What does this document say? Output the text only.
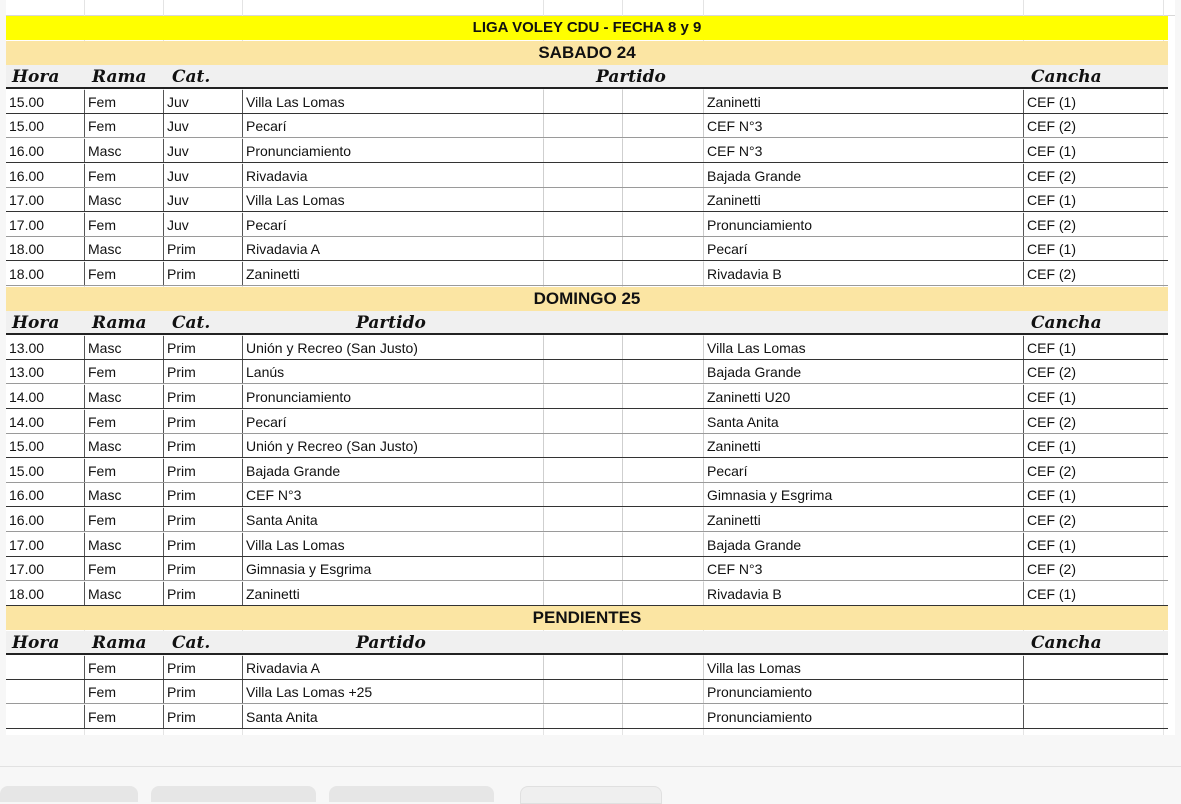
LIGA VOLEY CDU - FECHA 8 y 9
SABADO 24
Hora Rama Cat.	Cancha
Partido
15.00	Fem	Juv	Villa Las Lomas	Zaninetti	CEF (1)
15.00	Fem	Juv	Pecarí	CEF N°3	CEF (2)
16.00	Masc	Juv	Pronunciamiento	CEF N°3	CEF (1)
16.00	Fem	Juv	Rivadavia	Bajada Grande	CEF (2)
17.00	Masc	Juv	Villa Las Lomas	Zaninetti	CEF (1)
17.00	Fem	Juv	Pecarí	Pronunciamiento	CEF (2)
18.00	Masc	Prim	Rivadavia A	Pecarí	CEF (1)
18.00	Fem	Prim	Zaninetti	Rivadavia B	CEF (2)
DOMINGO 25
Hora Rama Cat.	Cancha
Partido
13.00	Masc	Prim	Unión y Recreo (San Justo)	Villa Las Lomas	CEF (1)
13.00	Fem	Prim	Lanús	Bajada Grande	CEF (2)
14.00	Masc	Prim	Pronunciamiento	Zaninetti U20	CEF (1)
14.00	Fem	Prim	Pecarí	Santa Anita	CEF (2)
15.00	Masc	Prim	Unión y Recreo (San Justo)	Zaninetti	CEF (1)
15.00	Fem	Prim	Bajada Grande	Pecarí	CEF (2)
16.00	Masc	Prim	CEF N°3	Gimnasia y Esgrima	CEF (1)
16.00	Fem	Prim	Santa Anita	Zaninetti	CEF (2)
17.00	Masc	Prim	Villa Las Lomas	Bajada Grande	CEF (1)
17.00	Fem	Prim	Gimnasia y Esgrima	CEF N°3	CEF (2)
18.00	Masc	Prim	Zaninetti	Rivadavia B	CEF (1)
PENDIENTES
Hora Rama Cat.	Cancha
Partido
Fem	Prim	Rivadavia A	Villa las Lomas
Fem	Prim	Villa Las Lomas +25	Pronunciamiento
Fem	Prim	Santa Anita	Pronunciamiento
